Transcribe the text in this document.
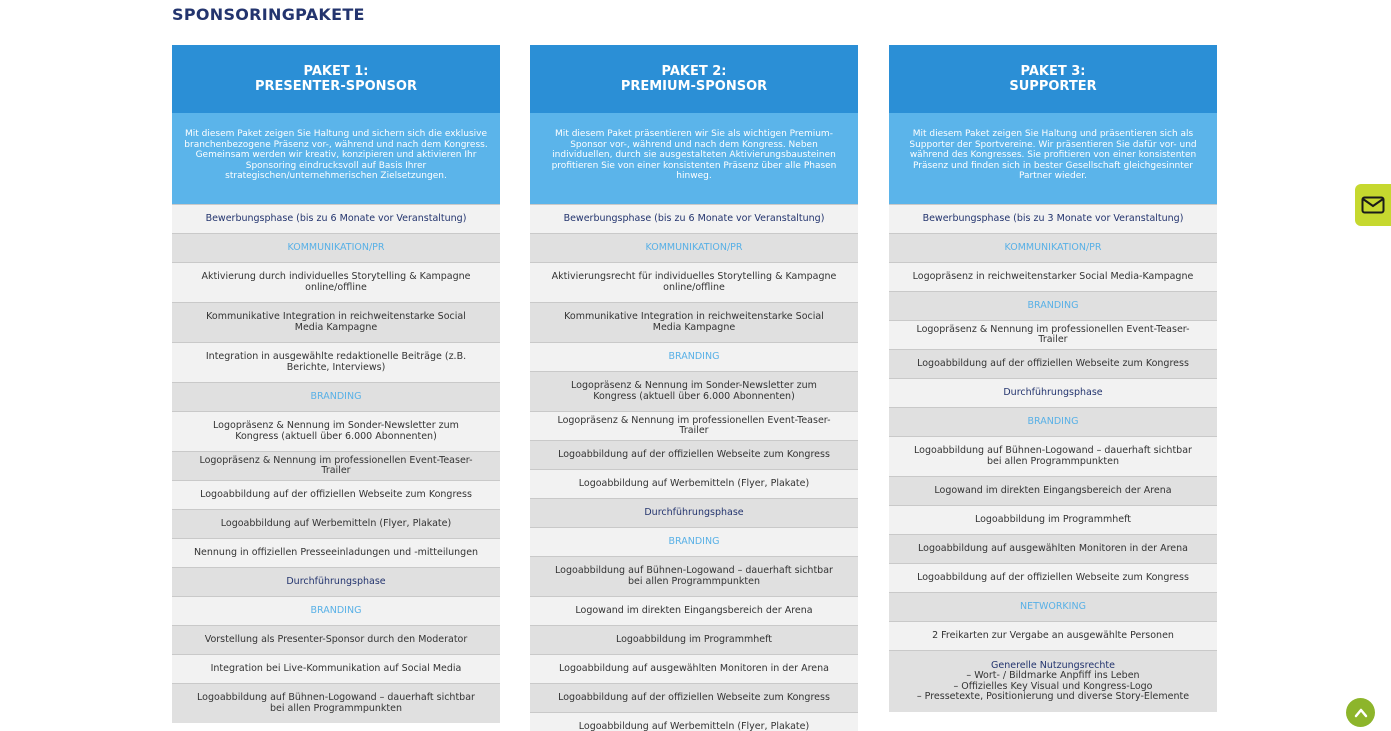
SPONSORINGPAKETE
PAKET 1:
PRESENTER-SPONSOR
Mit diesem Paket zeigen Sie Haltung und sichern sich die exklusive branchenbezogene Präsenz vor-, während und nach dem Kongress. Gemeinsam werden wir kreativ, konzipieren und aktivieren Ihr Sponsoring eindrucksvoll auf Basis Ihrer strategischen/unternehmerischen Zielsetzungen.
Bewerbungsphase (bis zu 6 Monate vor Veranstaltung)
KOMMUNIKATION/PR
Aktivierung durch individuelles Storytelling & Kampagne online/offline
Kommunikative Integration in reichweitenstarke Social Media Kampagne
Integration in ausgewählte redaktionelle Beiträge (z.B. Berichte, Interviews)
BRANDING
Logopräsenz & Nennung im Sonder-Newsletter zum Kongress (aktuell über 6.000 Abonnenten)
Logopräsenz & Nennung im professionellen Event-Teaser-Trailer
Logoabbildung auf der offiziellen Webseite zum Kongress
Logoabbildung auf Werbemitteln (Flyer, Plakate)
Nennung in offiziellen Presseeinladungen und -mitteilungen
Durchführungsphase
BRANDING
Vorstellung als Presenter-Sponsor durch den Moderator
Integration bei Live-Kommunikation auf Social Media
Logoabbildung auf Bühnen-Logowand – dauerhaft sichtbar bei allen Programmpunkten
PAKET 2:
PREMIUM-SPONSOR
Mit diesem Paket präsentieren wir Sie als wichtigen Premium-Sponsor vor-, während und nach dem Kongress. Neben individuellen, durch sie ausgestalteten Aktivierungsbausteinen profitieren Sie von einer konsistenten Präsenz über alle Phasen hinweg.
Bewerbungsphase (bis zu 6 Monate vor Veranstaltung)
KOMMUNIKATION/PR
Aktivierungsrecht für individuelles Storytelling & Kampagne online/offline
Kommunikative Integration in reichweitenstarke Social Media Kampagne
BRANDING
Logopräsenz & Nennung im Sonder-Newsletter zum Kongress (aktuell über 6.000 Abonnenten)
Logopräsenz & Nennung im professionellen Event-Teaser-Trailer
Logoabbildung auf der offiziellen Webseite zum Kongress
Logoabbildung auf Werbemitteln (Flyer, Plakate)
Durchführungsphase
BRANDING
Logoabbildung auf Bühnen-Logowand – dauerhaft sichtbar bei allen Programmpunkten
Logowand im direkten Eingangsbereich der Arena
Logoabbildung im Programmheft
Logoabbildung auf ausgewählten Monitoren in der Arena
Logoabbildung auf der offiziellen Webseite zum Kongress
Logoabbildung auf Werbemitteln (Flyer, Plakate)
PAKET 3:
SUPPORTER
Mit diesem Paket zeigen Sie Haltung und präsentieren sich als Supporter der Sportvereine. Wir präsentieren Sie dafür vor- und während des Kongresses. Sie profitieren von einer konsistenten Präsenz und finden sich in bester Gesellschaft gleichgesinnter Partner wieder.
Bewerbungsphase (bis zu 3 Monate vor Veranstaltung)
KOMMUNIKATION/PR
Logopräsenz in reichweitenstarker Social Media-Kampagne
BRANDING
Logopräsenz & Nennung im professionellen Event-Teaser-Trailer
Logoabbildung auf der offiziellen Webseite zum Kongress
Durchführungsphase
BRANDING
Logoabbildung auf Bühnen-Logowand – dauerhaft sichtbar bei allen Programmpunkten
Logowand im direkten Eingangsbereich der Arena
Logoabbildung im Programmheft
Logoabbildung auf ausgewählten Monitoren in der Arena
Logoabbildung auf der offiziellen Webseite zum Kongress
NETWORKING
2 Freikarten zur Vergabe an ausgewählte Personen
Generelle Nutzungsrechte
– Wort- / Bildmarke Anpfiff ins Leben
– Offizielles Key Visual und Kongress-Logo
– Pressetexte, Positionierung und diverse Story-Elemente
